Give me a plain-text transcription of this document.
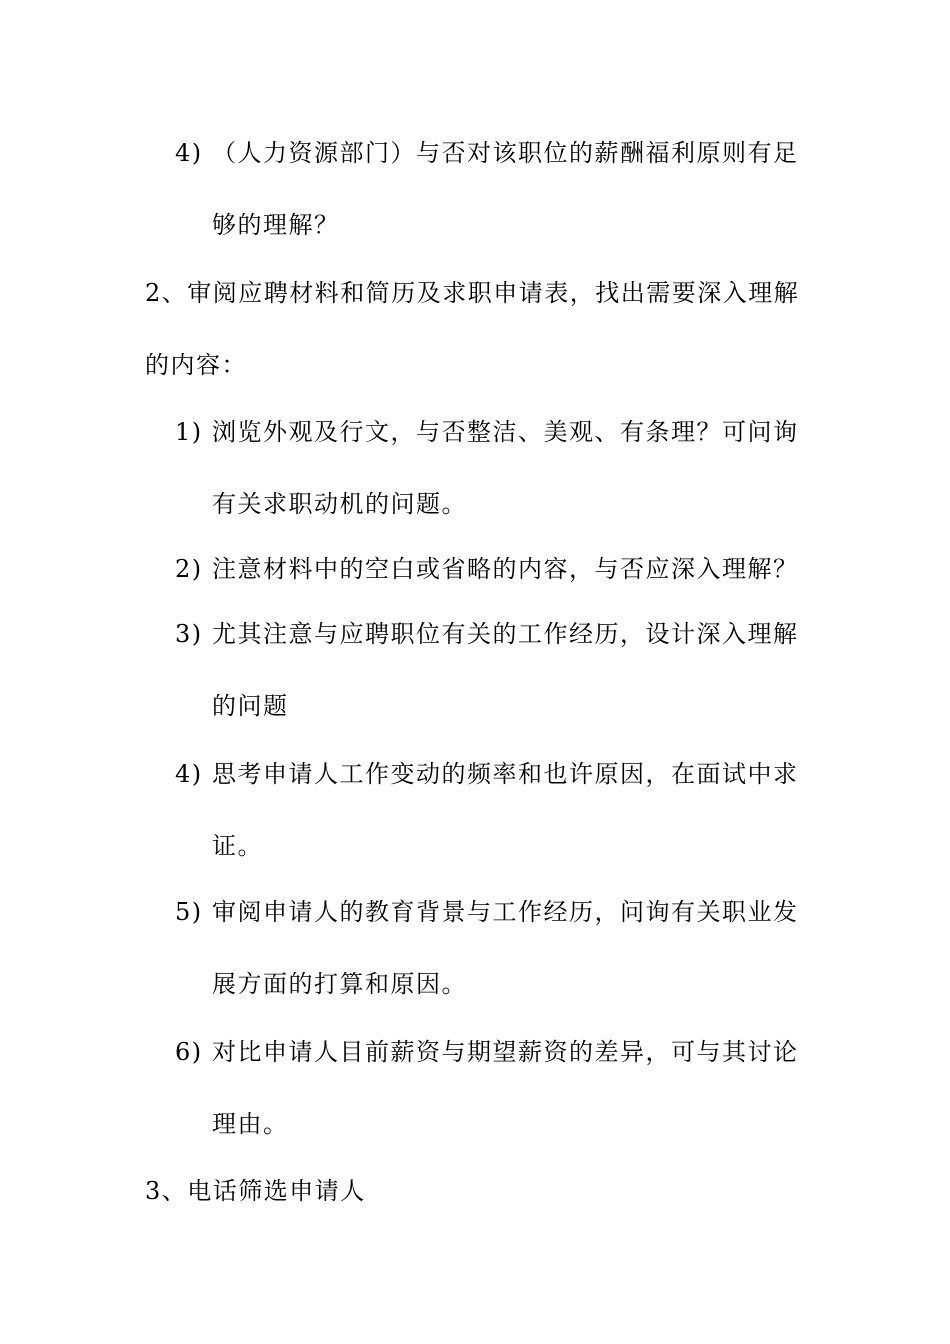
4) （人力资源部门）与否对该职位的薪酬福利原则有足
够的理解？
2、审阅应聘材料和简历及求职申请表，找出需要深入理解
的内容：
1) 浏览外观及行文，与否整洁、美观、有条理？可问询
有关求职动机的问题。
2) 注意材料中的空白或省略的内容，与否应深入理解？
3) 尤其注意与应聘职位有关的工作经历，设计深入理解
的问题
4) 思考申请人工作变动的频率和也许原因，在面试中求
证。
5) 审阅申请人的教育背景与工作经历，问询有关职业发
展方面的打算和原因。
6) 对比申请人目前薪资与期望薪资的差异，可与其讨论
理由。
3、电话筛选申请人
